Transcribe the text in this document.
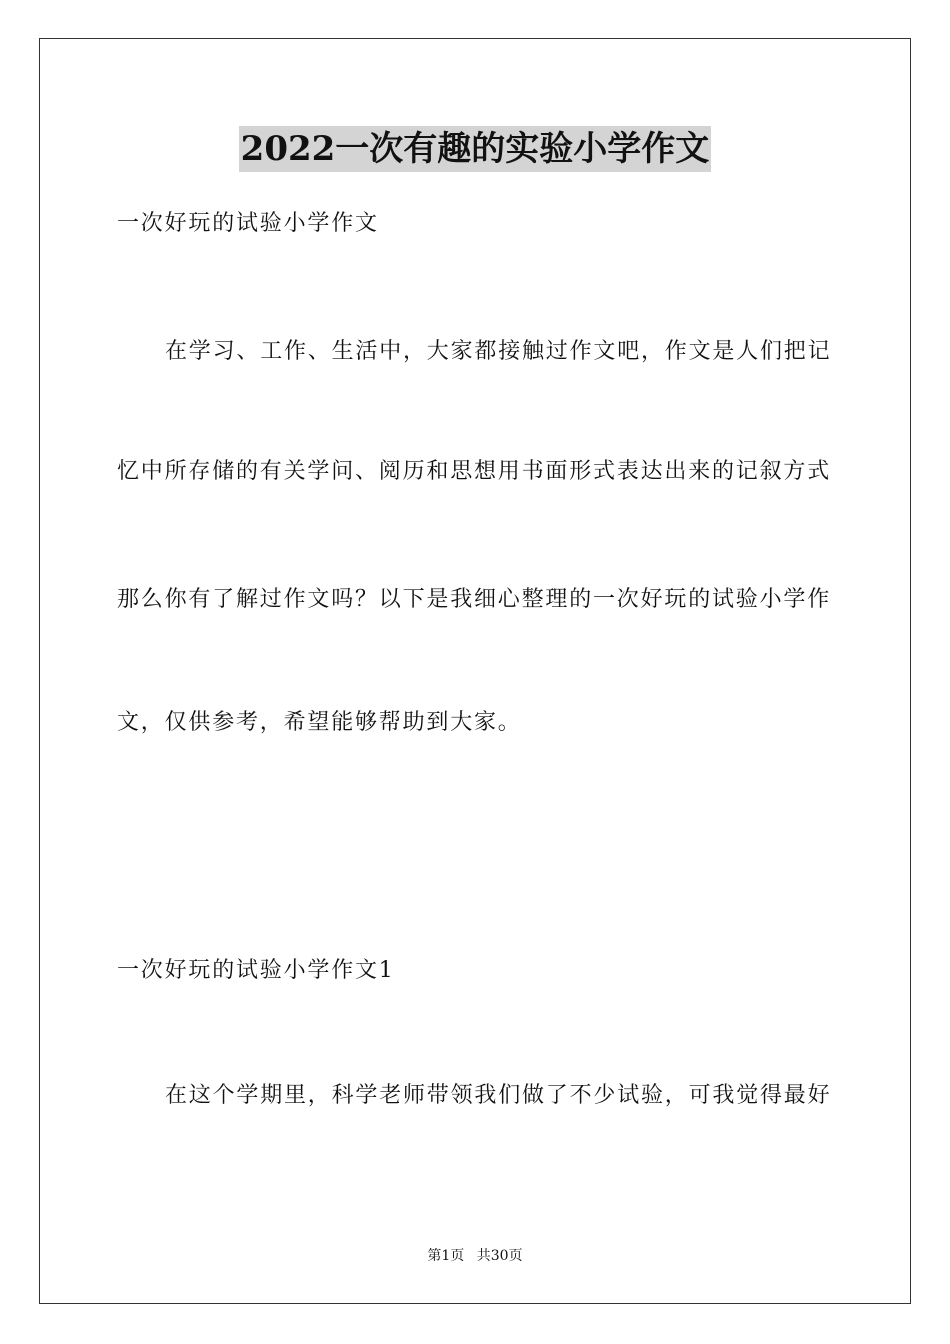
2022一次有趣的实验小学作文
一次好玩的试验小学作文
在学习、工作、生活中，大家都接触过作文吧，作文是人们把记
忆中所存储的有关学问、阅历和思想用书面形式表达出来的记叙方式
那么你有了解过作文吗？以下是我细心整理的一次好玩的试验小学作
文，仅供参考，希望能够帮助到大家。
一次好玩的试验小学作文1
在这个学期里，科学老师带领我们做了不少试验，可我觉得最好
第1页 共30页
